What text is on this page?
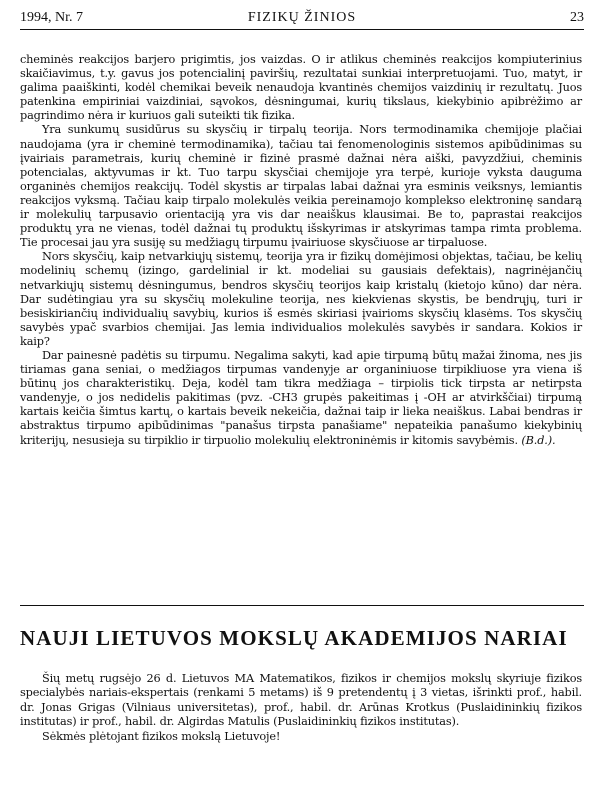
1994, Nr. 7	FIZIKŲ ŽINIOS	23

cheminės reakcijos barjero prigimtis, jos vaizdas. O ir atlikus cheminės reakcijos kompiuterinius skaičiavimus, t.y. gavus jos potencialinį paviršių, rezultatai sunkiai interpretuojami. Tuo, matyt, ir galima paaiškinti, kodėl chemikai beveik nenaudoja kvantinės chemijos vaizdinių ir rezultatų. Juos patenkina empiriniai vaizdiniai, sąvokos, dėsningumai, kurių tikslaus, kiekybinio apibrėžimo ar pagrindimo nėra ir kuriuos gali suteikti tik fizika.

Yra sunkumų susidūrus su skysčių ir tirpalų teorija. Nors termodinamika chemijoje plačiai naudojama (yra ir cheminė termodinamika), tačiau tai fenomenologinis sistemos apibūdinimas su įvairiais parametrais, kurių cheminė ir fizinė prasmė dažnai nėra aiški, pavyzdžiui, cheminis potencialas, aktyvumas ir kt. Tuo tarpu skysčiai chemijoje yra terpė, kurioje vyksta dauguma organinės chemijos reakcijų. Todėl skystis ar tirpalas labai dažnai yra esminis veiksnys, lemiantis reakcijos vyksmą. Tačiau kaip tirpalo molekulės veikia pereinamojo komplekso elektroninę sandarą ir molekulių tarpusavio orientaciją yra vis dar neaiškus klausimai. Be to, paprastai reakcijos produktų yra ne vienas, todėl dažnai tų produktų išskyrimas ir atskyrimas tampa rimta problema. Tie procesai jau yra susiję su medžiagų tirpumu įvairiuose skysčiuose ar tirpaluose.

Nors skysčių, kaip netvarkiųjų sistemų, teorija yra ir fizikų domėjimosi objektas, tačiau, be kelių modelinių schemų (izingo, gardelinial ir kt. modeliai su gausiais defektais), nagrinėjančių netvarkiųjų sistemų dėsningumus, bendros skysčių teorijos kaip kristalų (kietojo kūno) dar nėra. Dar sudėtingiau yra su skysčių molekuline teorija, nes kiekvienas skystis, be bendrųjų, turi ir besiskiriančių individualių savybių, kurios iš esmės skiriasi įvairioms skysčių klasėms. Tos skysčių savybės ypač svarbios chemijai. Jas lemia individualios molekulės savybės ir sandara. Kokios ir kaip?

Dar painesnė padėtis su tirpumu. Negalima sakyti, kad apie tirpumą būtų mažai žinoma, nes jis tiriamas gana seniai, o medžiagos tirpumas vandenyje ar organiniuose tirpikliuose yra viena iš būtinų jos charakteristikų. Deja, kodėl tam tikra medžiaga – tirpiolis tick tirpsta ar netirpsta vandenyje, o jos nedidelis pakitimas (pvz. -CH3 grupės pakeitimas į -OH ar atvirkščiai) tirpumą kartais keičia šimtus kartų, o kartais beveik nekeičia, dažnai taip ir lieka neaiškus. Labai bendras ir abstraktus tirpumo apibūdinimas "panašus tirpsta panašiame" nepateikia panašumo kiekybinių kriterijų, nesusieja su tirpiklio ir tirpuolio molekulių elektroninėmis ir kitomis savybėmis. (B.d.).

NAUJI LIETUVOS MOKSLŲ AKADEMIJOS NARIAI

Šių metų rugsėjo 26 d. Lietuvos MA Matematikos, fizikos ir chemijos mokslų skyriuje fizikos specialybės nariais-ekspertais (renkami 5 metams) iš 9 pretendentų į 3 vietas, išrinkti prof., habil. dr. Jonas Grigas (Vilniaus universitetas), prof., habil. dr. Arūnas Krotkus (Puslaidininkių fizikos institutas) ir prof., habil. dr. Algirdas Matulis (Puslaidininkių fizikos institutas).

Sėkmės plėtojant fizikos mokslą Lietuvoje!
